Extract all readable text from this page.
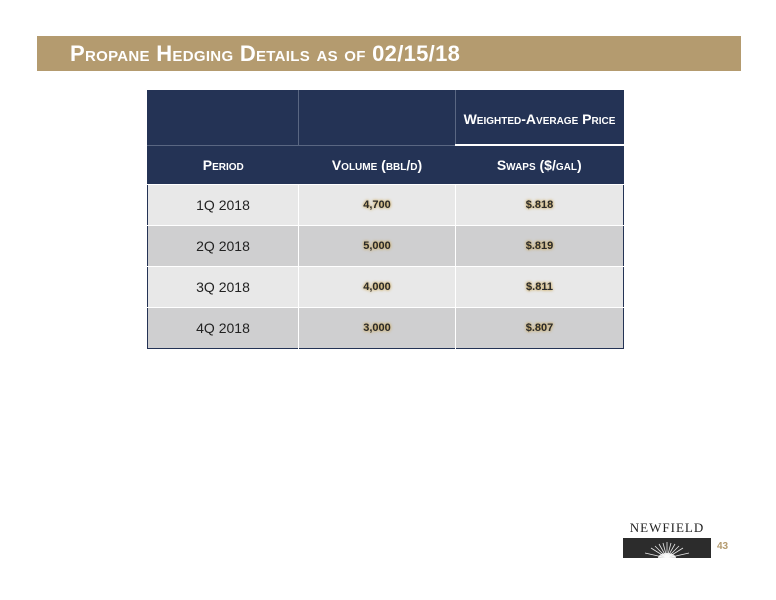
Propane Hedging Details as of 02/15/18
		Weighted-Average Price
Period	Volume (bbl/d)	Swaps ($/gal)
1Q 2018	4,700	$.818
2Q 2018	5,000	$.819
3Q 2018	4,000	$.811
4Q 2018	3,000	$.807
NEWFIELD
43
